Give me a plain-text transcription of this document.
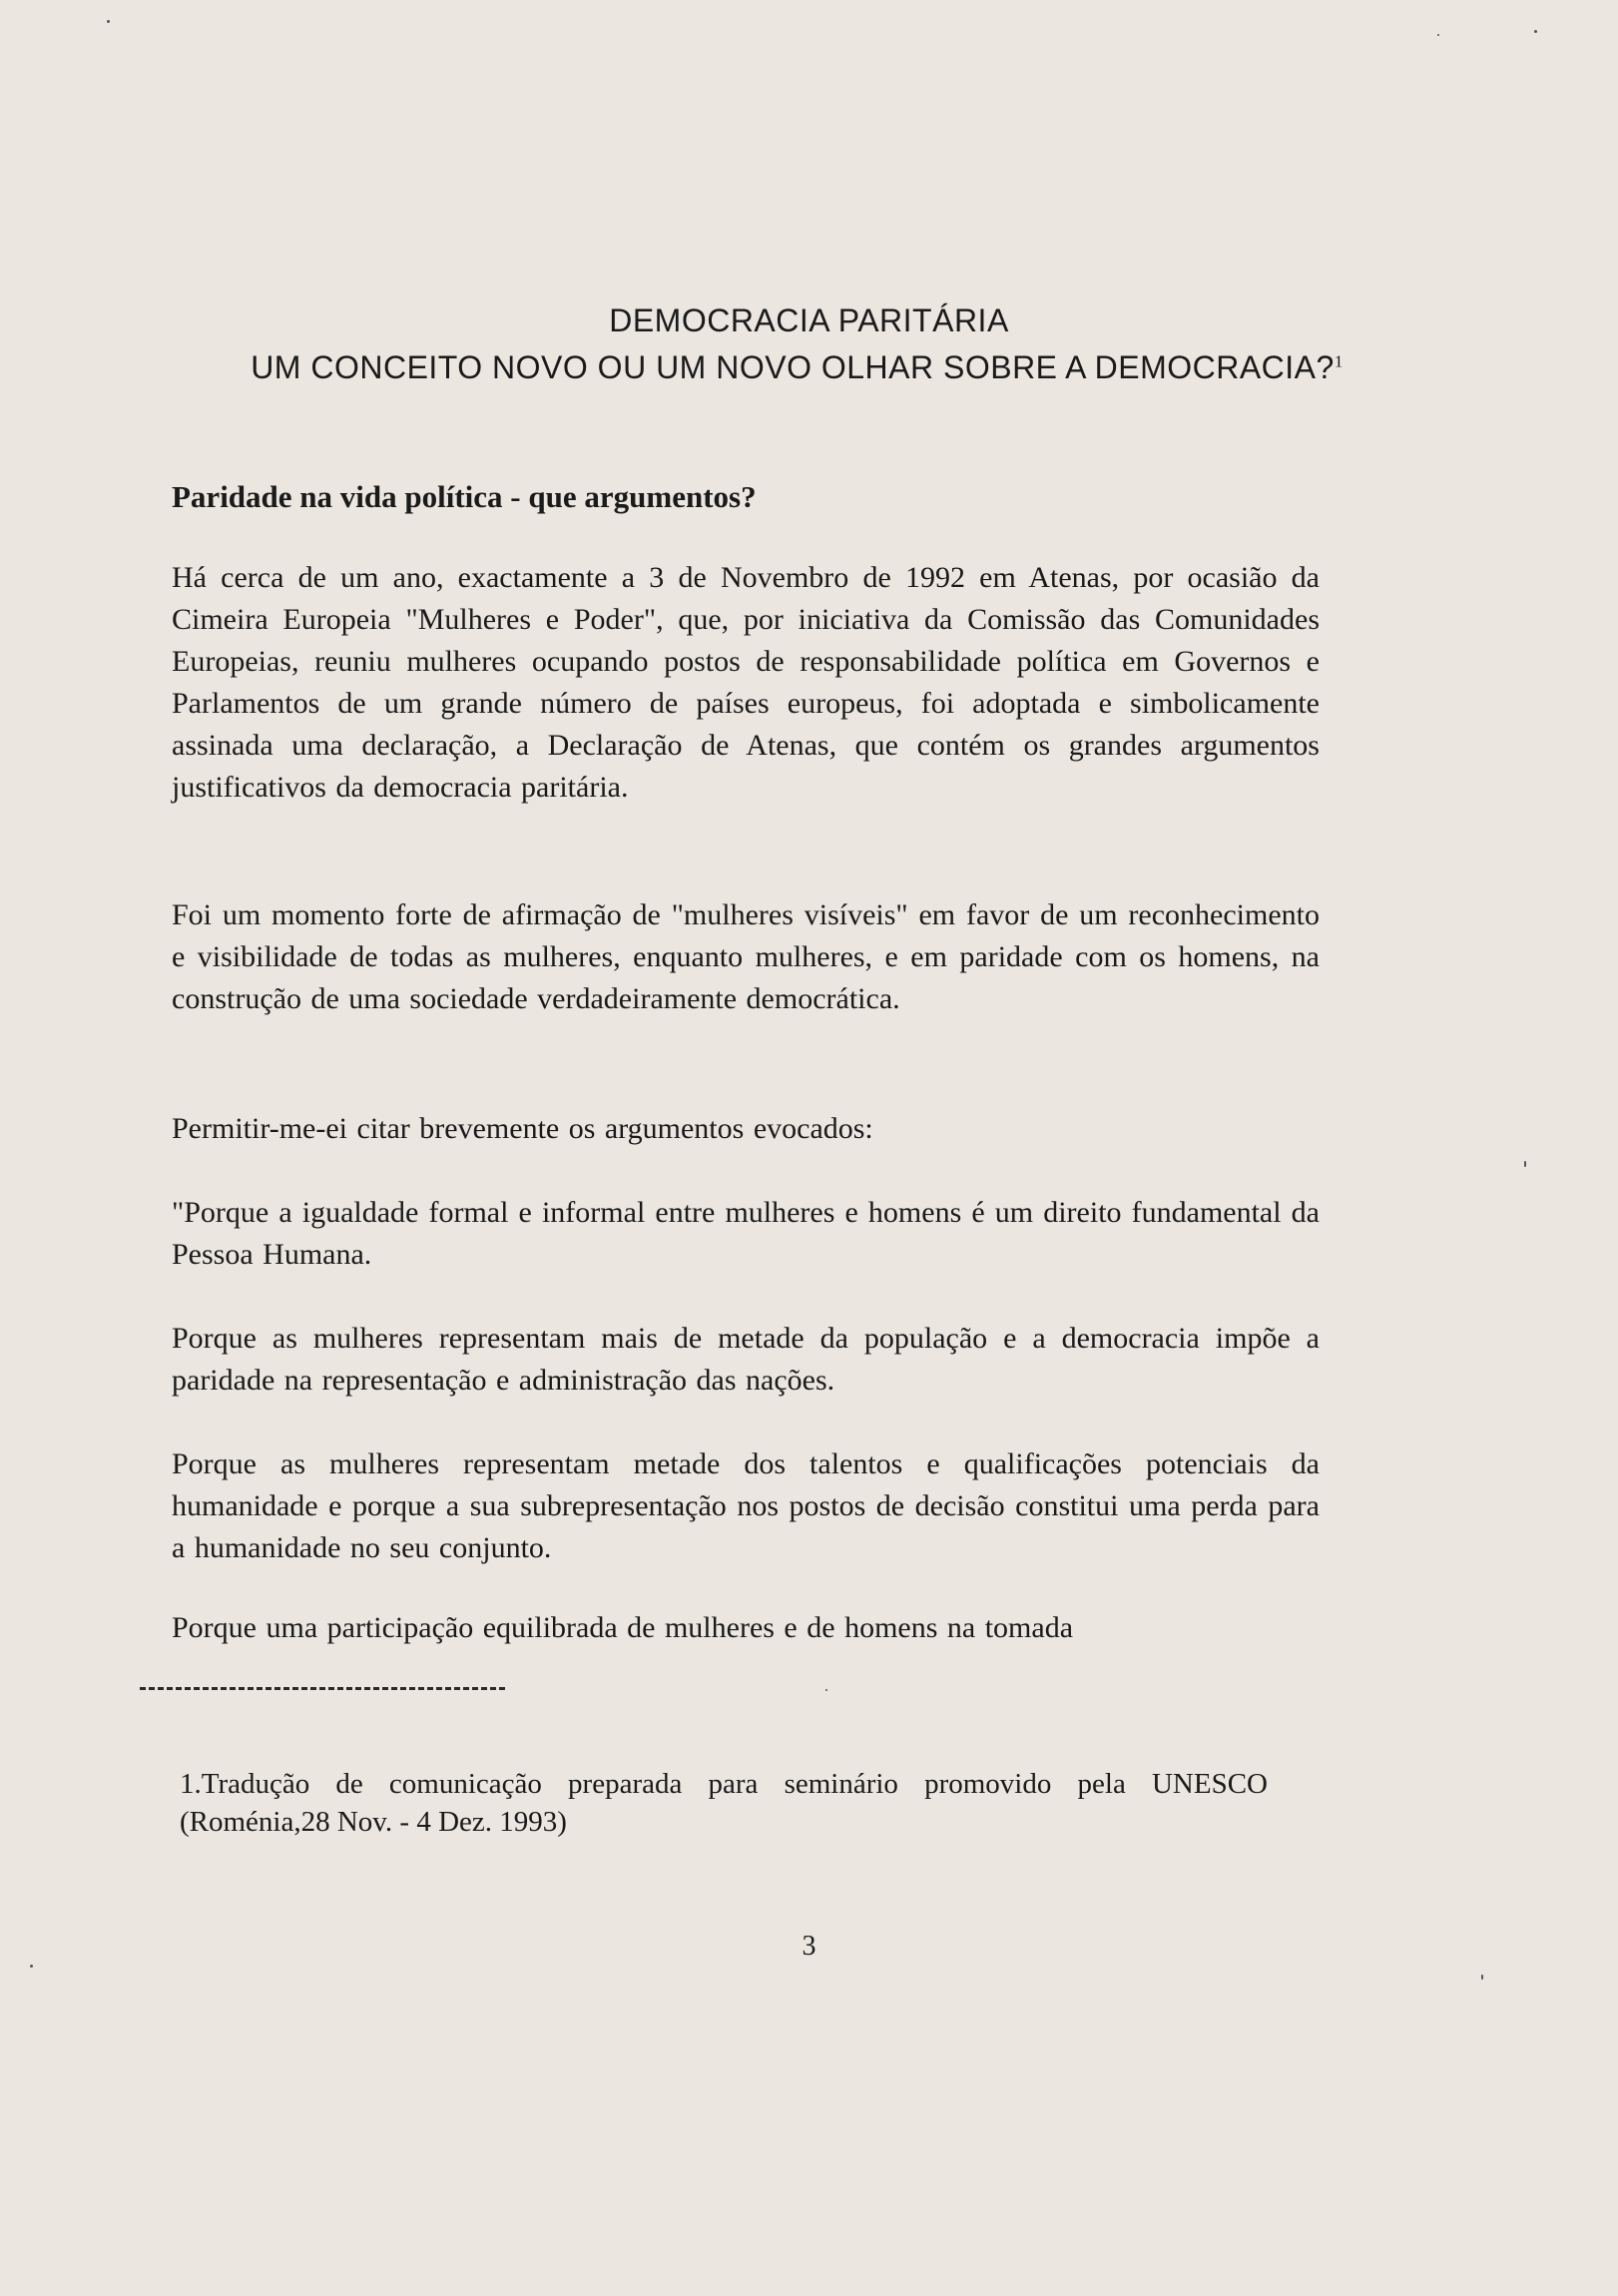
DEMOCRACIA PARITÁRIA
UM CONCEITO NOVO OU UM NOVO OLHAR SOBRE A DEMOCRACIA?$^1$
Paridade na vida política - que argumentos?
Há cerca de um ano, exactamente a 3 de Novembro de 1992 em Atenas, por ocasião da Cimeira Europeia "Mulheres e Poder", que, por iniciativa da Comissão das Comunidades Europeias, reuniu mulheres ocupando postos de responsabilidade política em Governos e Parlamentos de um grande número de países europeus, foi adoptada e simbolicamente assinada uma declaração, a Declaração de Atenas, que contém os grandes argumentos justificativos da democracia paritária.
Foi um momento forte de afirmação de "mulheres visíveis" em favor de um reconhecimento e visibilidade de todas as mulheres, enquanto mulheres, e em paridade com os homens, na construção de uma sociedade verdadeiramente democrática.
Permitir-me-ei citar brevemente os argumentos evocados:
"Porque a igualdade formal e informal entre mulheres e homens é um direito fundamental da Pessoa Humana.
Porque as mulheres representam mais de metade da população e a democracia impõe a paridade na representação e administração das nações.
Porque as mulheres representam metade dos talentos e qualificações potenciais da humanidade e porque a sua subrepresentação nos postos de decisão constitui uma perda para a humanidade no seu conjunto.
Porque uma participação equilibrada de mulheres e de homens na tomada
1.Tradução de comunicação preparada para seminário promovido pela UNESCO (Roménia,28 Nov. - 4 Dez. 1993)
3
